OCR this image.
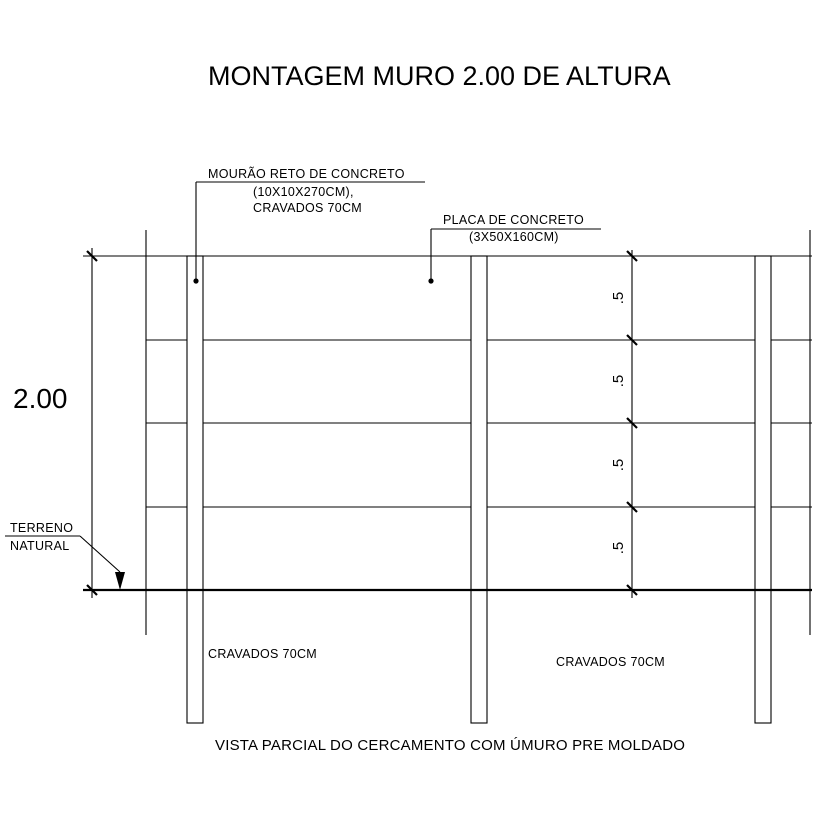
MONTAGEM MURO 2.00 DE ALTURA
2.00
.5
.5
.5
.5
MOURÃO RETO DE CONCRETO
(10X10X270CM),
CRAVADOS 70CM
PLACA DE CONCRETO
(3X50X160CM)
TERRENO
NATURAL
CRAVADOS 70CM
CRAVADOS 70CM
VISTA PARCIAL DO CERCAMENTO COM ÚMURO PRE MOLDADO
